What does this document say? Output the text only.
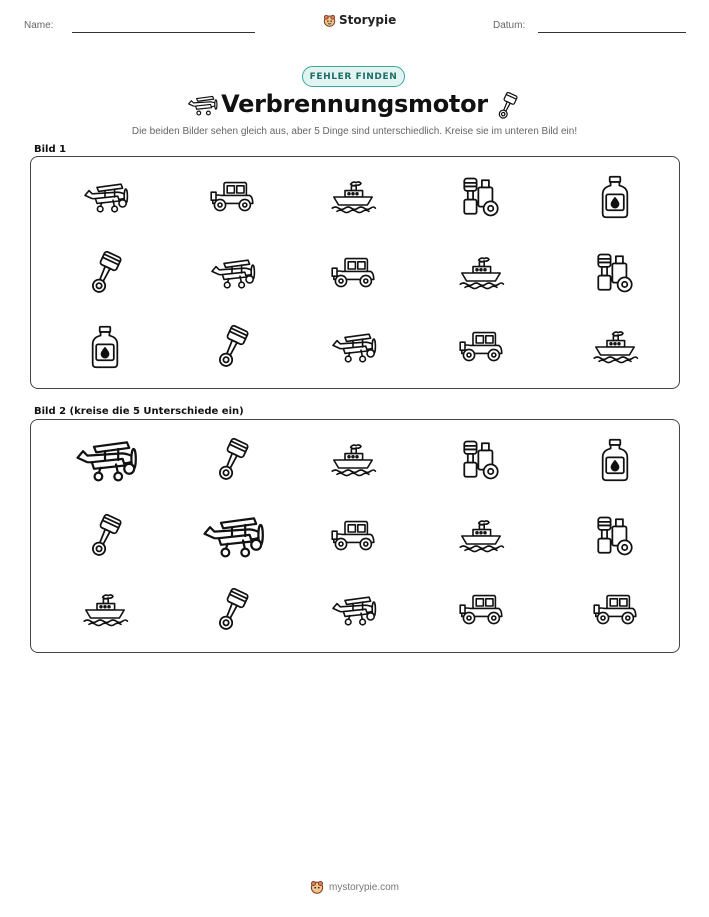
Name:	Storypie	Datum:
FEHLER FINDEN
Verbrennungsmotor
Die beiden Bilder sehen gleich aus, aber 5 Dinge sind unterschiedlich. Kreise sie im unteren Bild ein!
Bild 1
Bild 2 (kreise die 5 Unterschiede ein)
mystorypie.com
